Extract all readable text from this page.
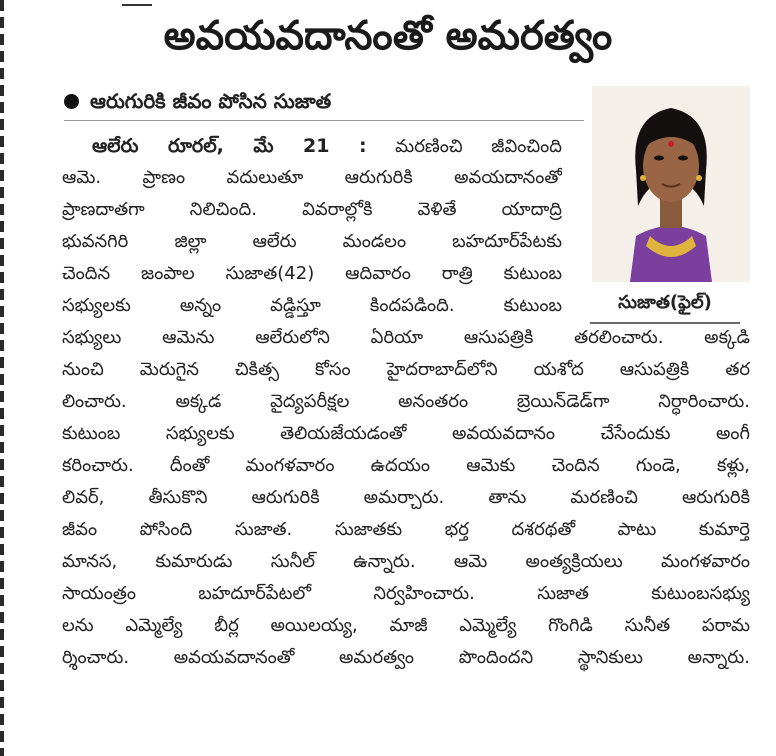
అవయవదానంతో అమరత్వం
ఆరుగురికి జీవం పోసిన సుజాత
సుజాత(ఫైల్‌)
ఆలేరు రూరల్‌, మే 21 : మరణించి జీవించింది
ఆమె. ప్రాణం వదులుతూ ఆరుగురికి అవయదానంతో
ప్రాణదాతగా నిలిచింది. వివరాల్లోకి వెళితే యాదాద్రి
భువనగిరి జిల్లా ఆలేరు మండలం బహదూర్‌పేటకు
చెందిన జంపాల సుజాత(42) ఆదివారం రాత్రి కుటుంబ
సభ్యులకు అన్నం వడ్డిస్తూ కిందపడింది. కుటుంబ
సభ్యులు ఆమెను ఆలేరులోని ఏరియా ఆసుపత్రికి తరలించారు. అక్కడి
నుంచి మెరుగైన చికిత్స కోసం హైదరాబాద్‌లోని యశోద ఆసుపత్రికి తర
లించారు. అక్కడ వైద్యపరీక్షల అనంతరం బ్రెయిన్‌డెడ్‌గా నిర్ధారించారు.
కుటుంబ సభ్యులకు తెలియజేయడంతో అవయవదానం చేసేందుకు అంగీ
కరించారు. దీంతో మంగళవారం ఉదయం ఆమెకు చెందిన గుండె, కళ్లు,
లివర్‌, తీసుకొని ఆరుగురికి అమర్చారు. తాను మరణించి ఆరుగురికి
జీవం పోసింది సుజాత. సుజాతకు భర్త దశరథతో పాటు కుమార్తె
మానస, కుమారుడు సునీల్‌ ఉన్నారు. ఆమె అంత్యక్రియలు మంగళవారం
సాయంత్రం బహదూర్‌పేటలో నిర్వహించారు. సుజాత కుటుంబసభ్యు
లను ఎమ్మెల్యే బీర్ల అయిలయ్య, మాజీ ఎమ్మెల్యే గొంగిడి సునీత పరామ
ర్శించారు. అవయవదానంతో అమరత్వం పొందిందని స్థానికులు అన్నారు.
